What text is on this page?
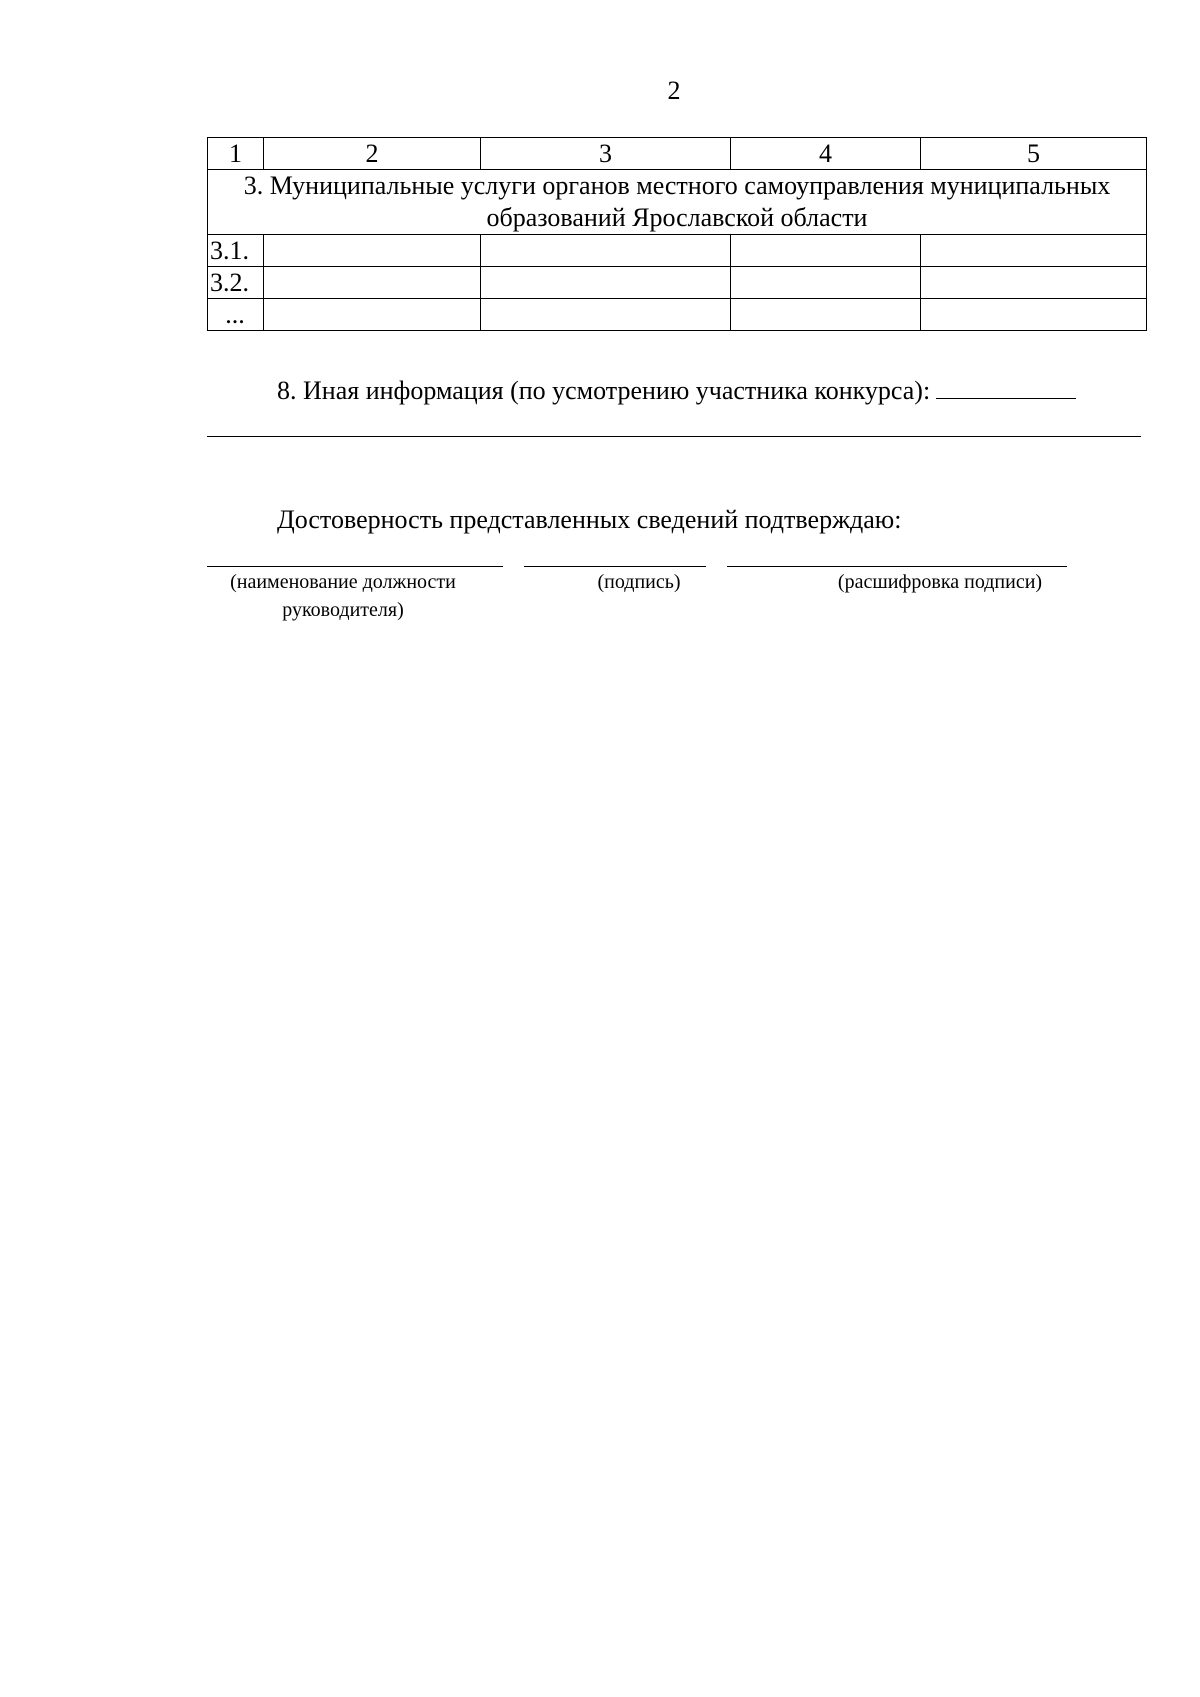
2
1	2	3	4	5
3. Муниципальные услуги органов местного самоуправления муниципальных образований Ярославской области				
3.1.				
3.2.				
...				
8. Иная информация (по усмотрению участника конкурса):
Достоверность представленных сведений подтверждаю:
(наименование должности
руководителя)
(подпись)	(расшифровка подписи)
